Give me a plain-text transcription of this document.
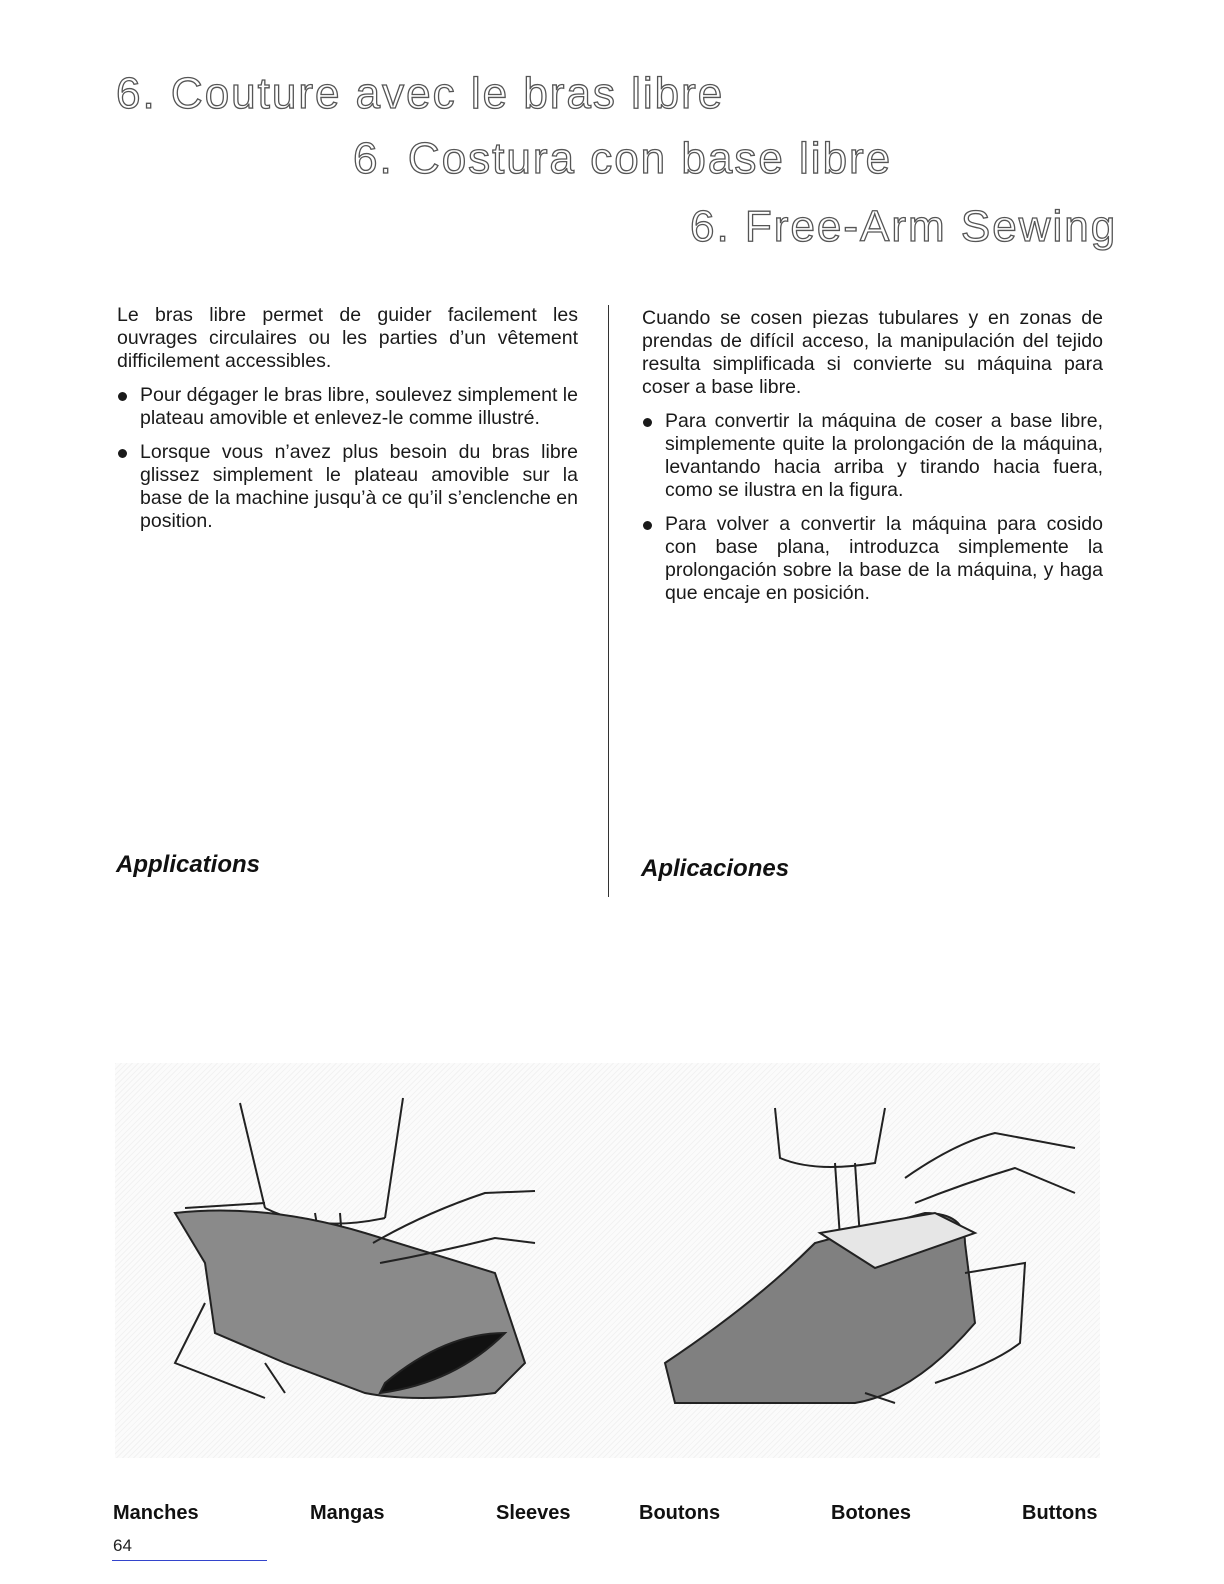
6. Couture avec le bras libre
6. Costura con base libre
6. Free-Arm Sewing

Le bras libre permet de guider facilement les ouvrages circulaires ou les parties d’un vêtement difficilement accessibles.

Pour dégager le bras libre, soulevez simplement le plateau amovible et enlevez-le comme illustré.
Lorsque vous n’avez plus besoin du bras libre glissez simplement le plateau amovible sur la base de la machine jusqu’à ce qu’il s’enclenche en position.

Cuando se cosen piezas tubulares y en zonas de prendas de difícil acceso, la manipulación del tejido resulta simplificada si convierte su máquina para coser a base libre.

Para convertir la máquina de coser a base libre, simplemente quite la prolongación de la máquina, levantando hacia arriba y tirando hacia fuera, como se ilustra en la figura.
Para volver a convertir la máquina para cosido con base plana, introduzca simplemente la prolongación sobre la base de la máquina, y haga que encaje en posición.
Applications	Aplicaciones
Manches	Mangas	Sleeves	Boutons	Botones	Buttons
64
